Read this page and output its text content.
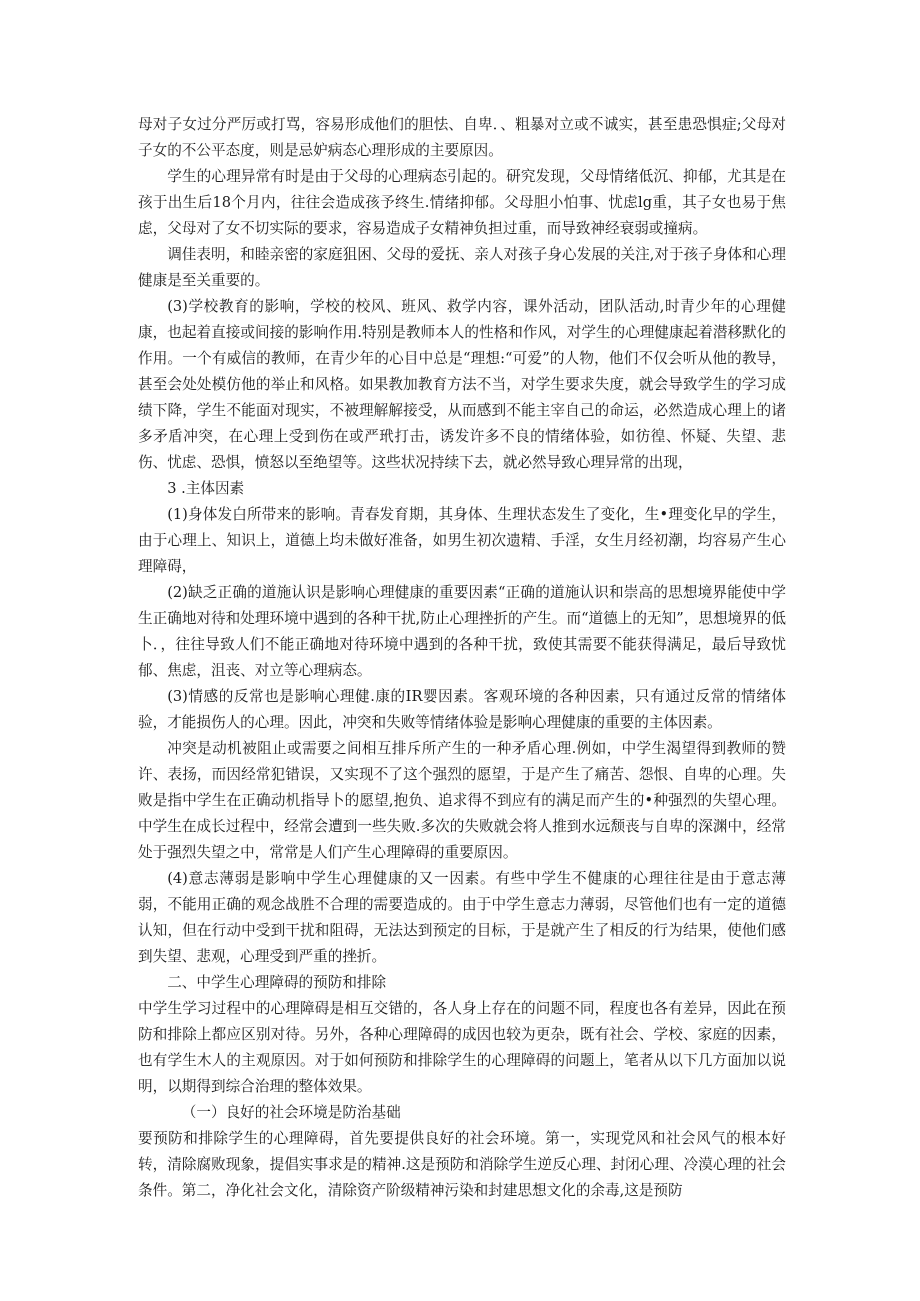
母对子女过分严厉或打骂，容易形成他们的胆怯、自卑．、粗暴对立或不诚实，甚至患恐惧症;父母对子女的不公平态度，则是忌妒病态心理形成的主要原因。

学生的心理异常有时是由于父母的心理病态引起的。研究发现，父母情绪低沉、抑郁，尤其是在孩于出生后18个月内，往往会造成孩予终生.情绪抑郁。父母胆小怕事、忧虑lg重，其子女也易于焦虑，父母对了女不切实际的要求，容易造成子女精神负担过重，而导致神经衰弱或撞病。

调佳表明，和睦亲密的家庭狙困、父母的爱抚、亲人对孩子身心发展的关注,对于孩子身体和心理健康是至关重要的。

(3)学校教育的影响，学校的校风、班风、救学内容，课外活动，团队活动,时青少年的心理健康，也起着直接或间接的影响作用.特别是教师本人的性格和作风，对学生的心理健康起着潜移默化的作用。一个有威信的教师，在青少年的心目中总是“理想:“可爱”的人物，他们不仅会听从他的教导，甚至会处处模仿他的举止和风格。如果教加教育方法不当，对学生要求失度，就会导致学生的学习成绩下降，学生不能面对现实，不被理解解接受，从而感到不能主宰自己的命运，必然造成心理上的诸多矛盾冲突，在心理上受到伤在或严玳打击，诱发许多不良的情绪体验，如彷徨、怀疑、失望、悲伤、忧虑、恐惧，愤怒以至绝望等。这些状况持续下去，就必然导致心理异常的出现，

3 .主体因素

(1)身体发白所带来的影响。青春发育期，其身体、生理状态发生了变化，生•理变化早的学生，由于心理上、知识上，道德上均未做好准备，如男生初次遗精、手淫，女生月经初潮，均容易产生心理障碍，

(2)缺乏正确的道施认识是影响心理健康的重要因素“正确的道施认识和崇高的思想境界能使中学生正确地对待和处理环境中遇到的各种干扰,防止心理挫折的产生。而“道德上的无知”，思想境界的低卜．，往往导致人们不能正确地对待环境中遇到的各种干扰，致使其需要不能获得满足，最后导致忧郁、焦虑，沮丧、对立等心理病态。

(3)情感的反常也是影响心理健.康的IR婴因素。客观环境的各种因素，只有通过反常的情绪体验，才能损伤人的心理。因此，冲突和失败等情绪体验是影响心理健康的重要的主体因素。

冲突是动机被阻止或需要之间相互排斥所产生的一种矛盾心理.例如，中学生渴望得到教师的赞许、表扬，而因经常犯错误，又实现不了这个强烈的愿望，于是产生了痛苦、怨恨、自卑的心理。失败是指中学生在正确动机指导卜的愿望,抱负、追求得不到应有的满足而产生的•种强烈的失望心理。中学生在成长过程中，经常会遭到一些失败.多次的失败就会将人推到水远颓丧与自卑的深渊中，经常处于强烈失望之中，常常是人们产生心理障碍的重要原因。

(4)意志薄弱是影响中学生心理健康的又一因素。有些中学生不健康的心理往往是由于意志薄弱，不能用正确的观念战胜不合理的需要造成的。由于中学生意志力薄弱，尽管他们也有一定的道德认知，但在行动中受到干扰和阻碍，无法达到预定的目标，于是就产生了相反的行为结果，使他们感到失望、悲观，心理受到严重的挫折。

二、中学生心理障碍的预防和排除

中学生学习过程中的心理障碍是相互交错的，各人身上存在的问题不同，程度也各有差异，因此在预防和排除上都应区别对待。另外，各种心理障碍的成因也较为更杂，既有社会、学校、家庭的因素，也有学生木人的主观原因。对于如何预防和排除学生的心理障碍的问题上，笔者从以下几方面加以说明，以期得到综合治理的整体效果。

（一）良好的社会环境是防治基础

要预防和排除学生的心理障碍，首先要提供良好的社会环境。第一，实现党风和社会风气的根本好转，清除腐败现象，提倡实事求是的精神.这是预防和消除学生逆反心理、封闭心理、冷漠心理的社会条件。第二，净化社会文化，清除资产阶级精神污染和封建思想文化的余毒,这是预防
